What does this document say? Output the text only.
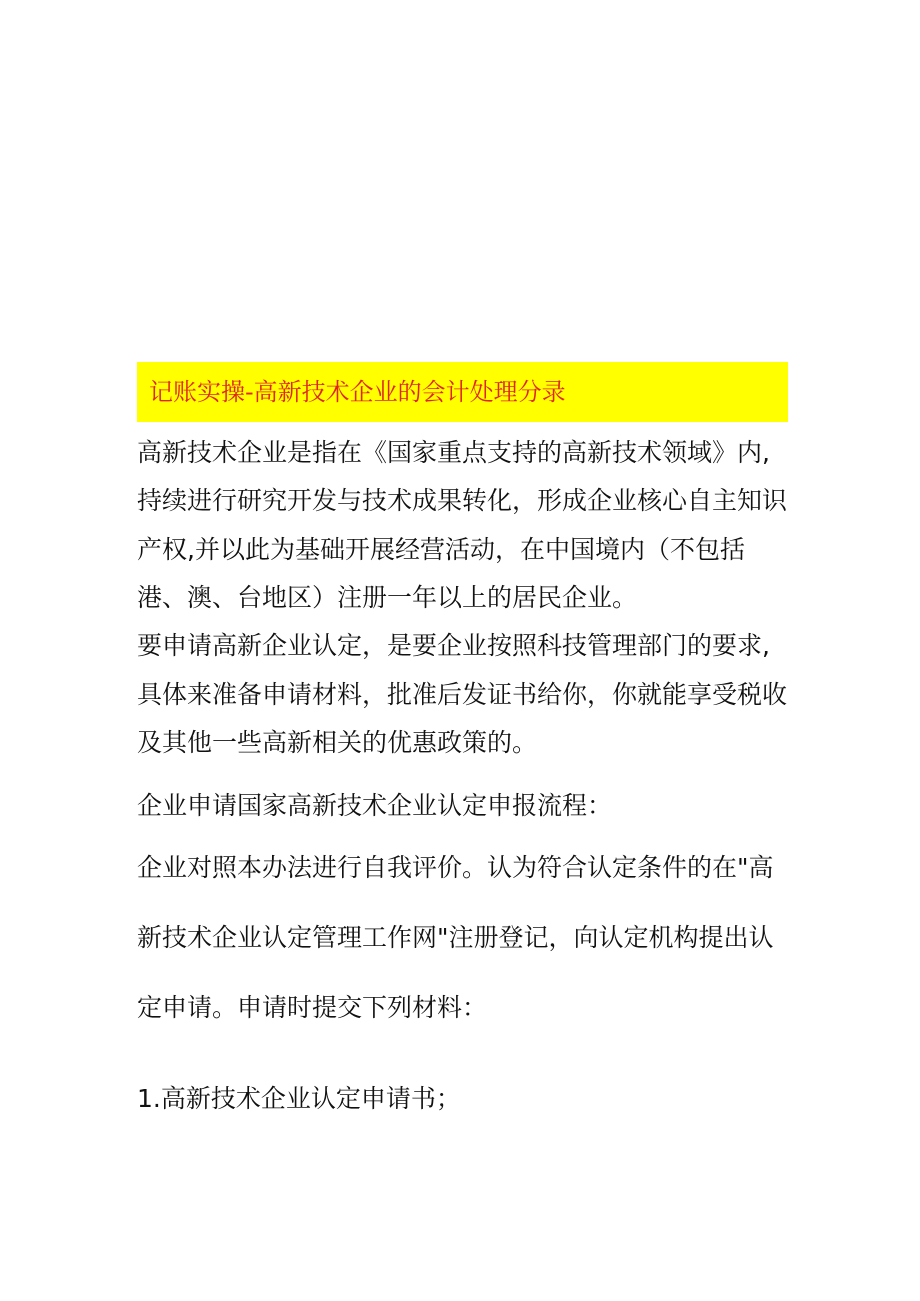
记账实操-高新技术企业的会计处理分录
高新技术企业是指在《国家重点支持的高新技术领域》内,
持续进行研究开发与技术成果转化，形成企业核心自主知识
产权,并以此为基础开展经营活动，在中国境内（不包括
港、澳、台地区）注册一年以上的居民企业。
要申请高新企业认定，是要企业按照科技管理部门的要求,
具体来准备申请材料，批准后发证书给你，你就能享受税收
及其他一些高新相关的优惠政策的。
企业申请国家高新技术企业认定申报流程：
企业对照本办法进行自我评价。认为符合认定条件的在"高
新技术企业认定管理工作网"注册登记，向认定机构提出认
定申请。申请时提交下列材料：
1.高新技术企业认定申请书；
